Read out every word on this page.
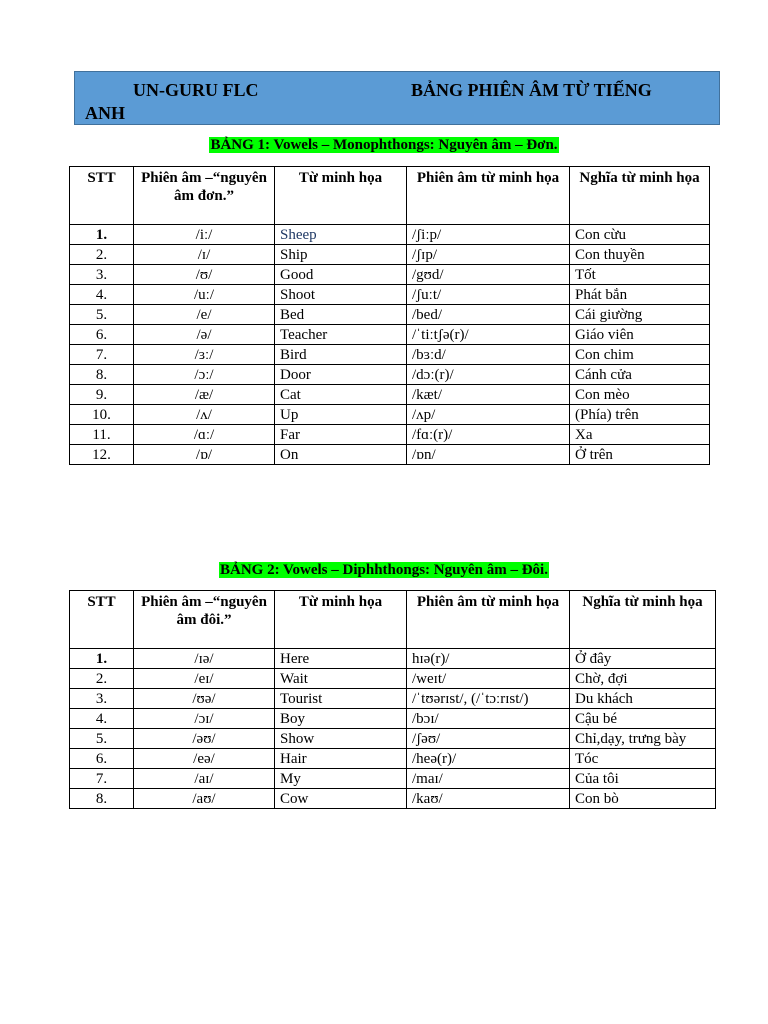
UN-GURU FLC	BẢNG PHIÊN ÂM TỪ TIẾNG
ANH
BẢNG 1: Vowels – Monophthongs: Nguyên âm – Đơn.
STT	Phiên âm –“nguyên âm đơn.”	Từ minh họa	Phiên âm từ minh họa	Nghĩa từ minh họa
1.	/iː/	Sheep	/ʃiːp/	Con cừu
2.	/ɪ/	Ship	/ʃɪp/	Con thuyền
3.	/ʊ/	Good	/gʊd/	Tốt
4.	/uː/	Shoot	/ʃuːt/	Phát bắn
5.	/e/	Bed	/bed/	Cái giường
6.	/ə/	Teacher	/ˈtiːtʃə(r)/	Giáo viên
7.	/ɜː/	Bird	/bɜːd/	Con chim
8.	/ɔː/	Door	/dɔː(r)/	Cánh cửa
9.	/æ/	Cat	/kæt/	Con mèo
10.	/ʌ/	Up	/ʌp/	(Phía) trên
11.	/ɑː/	Far	/fɑː(r)/	Xa
12.	/ɒ/	On	/ɒn/	Ở trên
BẢNG 2: Vowels – Diphhthongs: Nguyên âm – Đôi.
STT	Phiên âm –“nguyên âm đôi.”	Từ minh họa	Phiên âm từ minh họa	Nghĩa từ minh họa
1.	/ɪə/	Here	hɪə(r)/	Ở đây
2.	/eɪ/	Wait	/weɪt/	Chờ, đợi
3.	/ʊə/	Tourist	/ˈtʊərɪst/, (/ˈtɔːrɪst/)	Du khách
4.	/ɔɪ/	Boy	/bɔɪ/	Cậu bé
5.	/əʊ/	Show	/ʃəʊ/	Chỉ,dạy, trưng bày
6.	/eə/	Hair	/heə(r)/	Tóc
7.	/aɪ/	My	/maɪ/	Của tôi
8.	/aʊ/	Cow	/kaʊ/	Con bò
